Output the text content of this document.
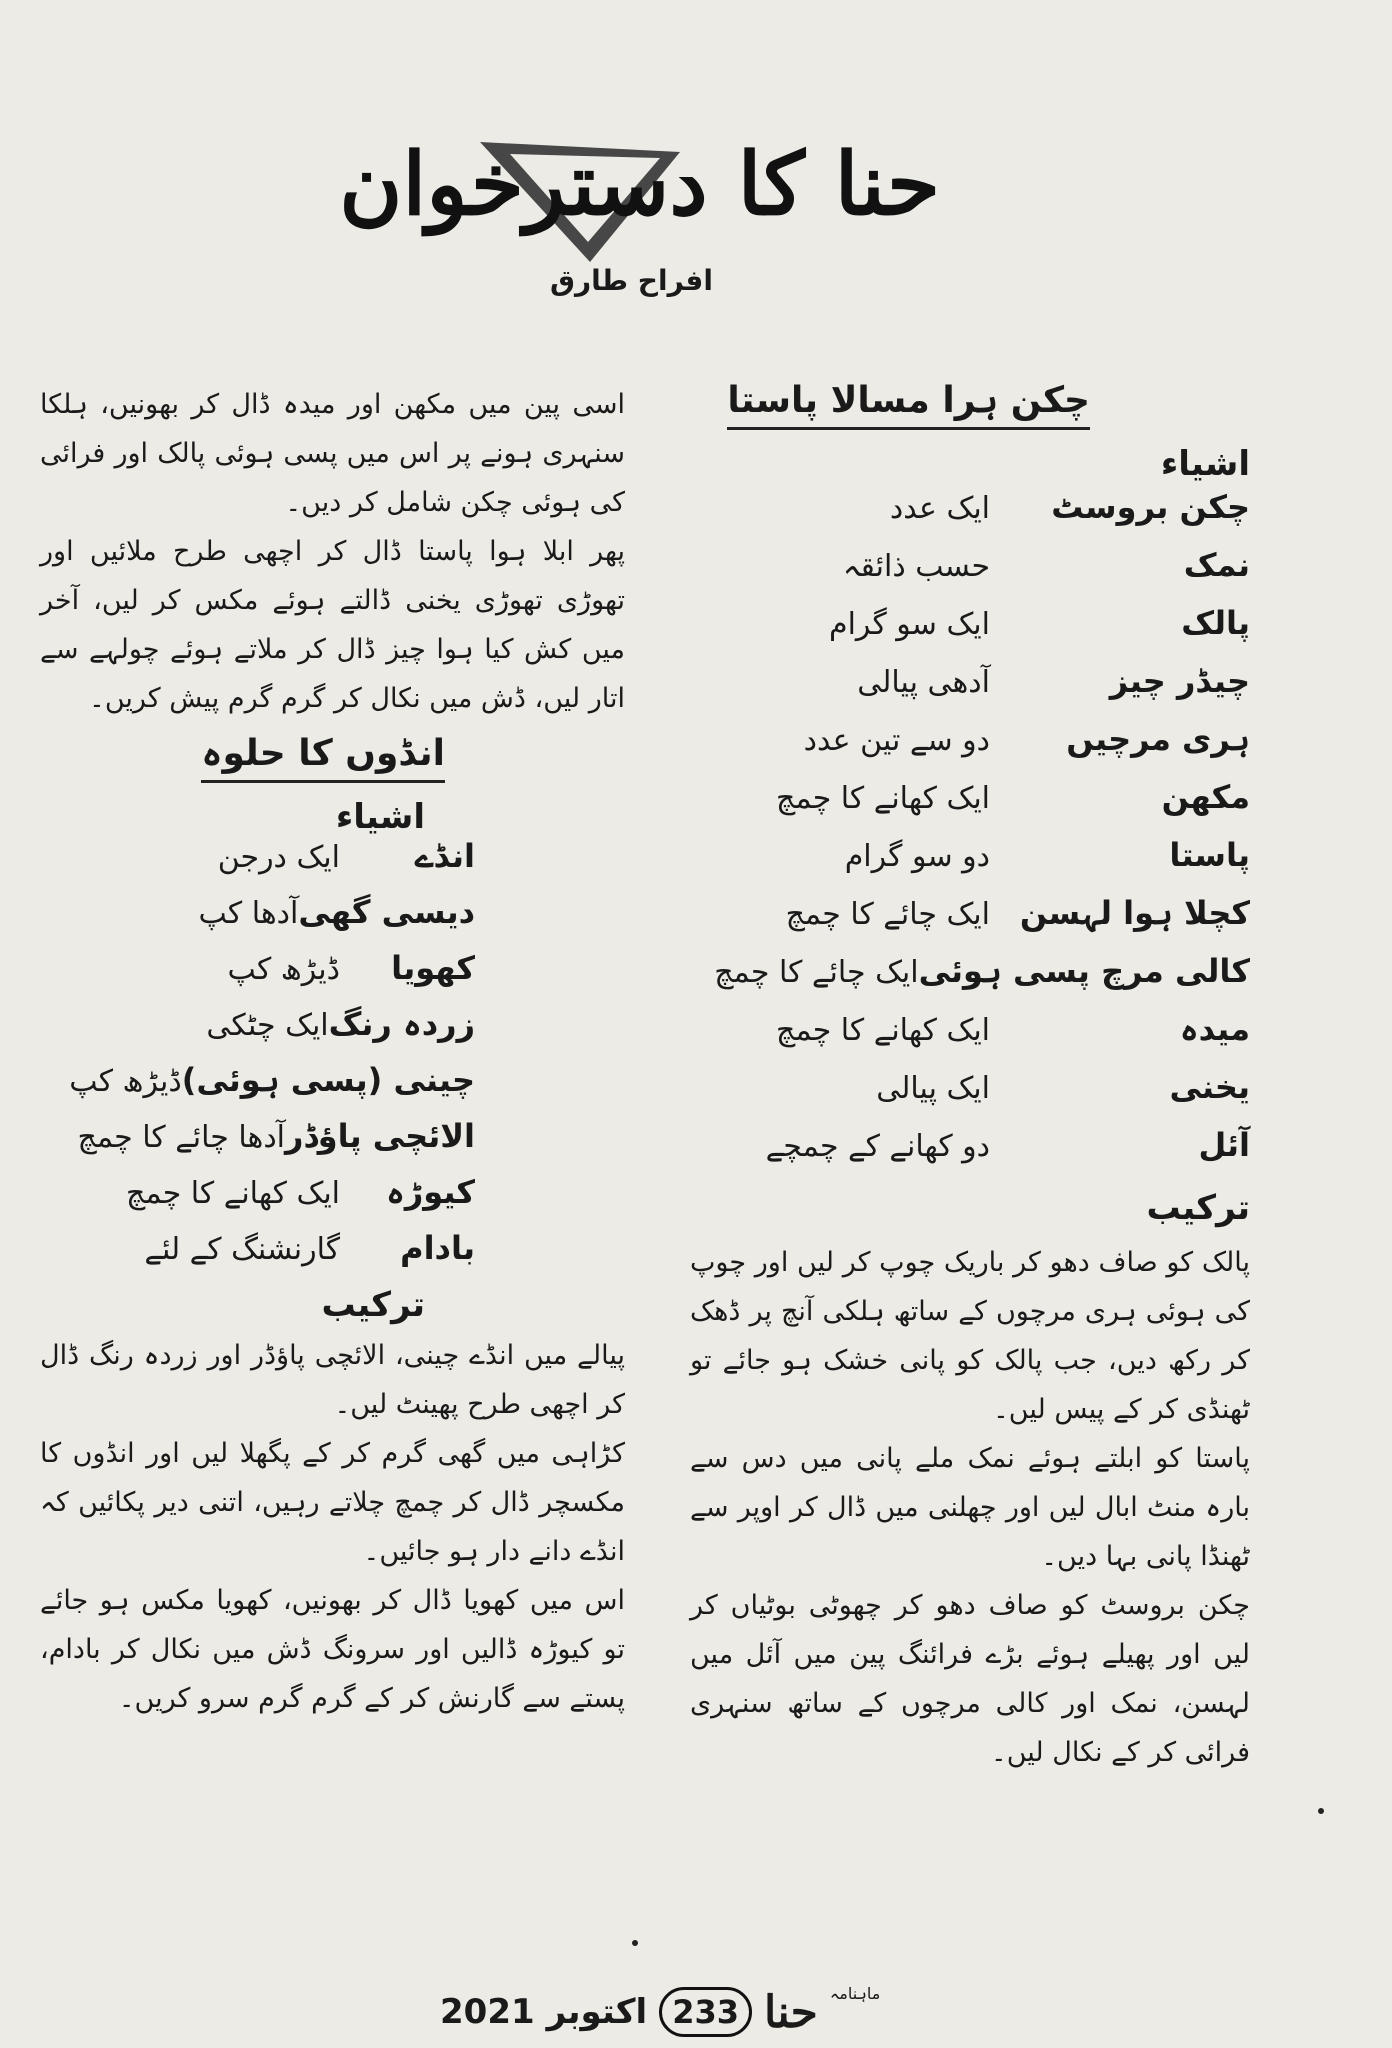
حنا کا دسترخوان
افراح طارق
چکن ہرا مسالا پاستا
اشیاء
چکن بروسٹ
ایک عدد
نمک
حسب ذائقہ
پالک
ایک سو گرام
چیڈر چیز
آدھی پیالی
ہری مرچیں
دو سے تین عدد
مکھن
ایک کھانے کا چمچ
پاستا
دو سو گرام
کچلا ہوا لہسن
ایک چائے کا چمچ
کالی مرچ پسی ہوئی
ایک چائے کا چمچ
میدہ
ایک کھانے کا چمچ
یخنی
ایک پیالی
آئل
دو کھانے کے چمچے
ترکیب

پالک کو صاف دھو کر باریک چوپ کر لیں اور چوپ کی ہوئی ہری مرچوں کے ساتھ ہلکی آنچ پر ڈھک کر رکھ دیں، جب پالک کو پانی خشک ہو جائے تو ٹھنڈی کر کے پیس لیں۔

پاستا کو ابلتے ہوئے نمک ملے پانی میں دس سے بارہ منٹ ابال لیں اور چھلنی میں ڈال کر اوپر سے ٹھنڈا پانی بہا دیں۔

چکن بروسٹ کو صاف دھو کر چھوٹی بوٹیاں کر لیں اور پھیلے ہوئے بڑے فرائنگ پین میں آئل میں لہسن، نمک اور کالی مرچوں کے ساتھ سنہری فرائی کر کے نکال لیں۔

اسی پین میں مکھن اور میدہ ڈال کر بھونیں، ہلکا سنہری ہونے پر اس میں پسی ہوئی پالک اور فرائی کی ہوئی چکن شامل کر دیں۔

پھر ابلا ہوا پاستا ڈال کر اچھی طرح ملائیں اور تھوڑی تھوڑی یخنی ڈالتے ہوئے مکس کر لیں، آخر میں کش کیا ہوا چیز ڈال کر ملاتے ہوئے چولہے سے اتار لیں، ڈش میں نکال کر گرم گرم پیش کریں۔

انڈوں کا حلوہ
اشیاء
انڈے
ایک درجن
دیسی گھی
آدھا کپ
کھویا
ڈیڑھ کپ
زردہ رنگ
ایک چٹکی
چینی (پسی ہوئی)
ڈیڑھ کپ
الائچی پاؤڈر
آدھا چائے کا چمچ
کیوڑہ
ایک کھانے کا چمچ
بادام
گارنشنگ کے لئے
ترکیب

پیالے میں انڈے چینی، الائچی پاؤڈر اور زردہ رنگ ڈال کر اچھی طرح پھینٹ لیں۔

کڑاہی میں گھی گرم کر کے پگھلا لیں اور انڈوں کا مکسچر ڈال کر چمچ چلاتے رہیں، اتنی دیر پکائیں کہ انڈے دانے دار ہو جائیں۔

اس میں کھویا ڈال کر بھونیں، کھویا مکس ہو جائے تو کیوڑہ ڈالیں اور سرونگ ڈش میں نکال کر بادام، پستے سے گارنش کر کے گرم گرم سرو کریں۔

ماہنامہ
حنا
233
اکتوبر
2021
